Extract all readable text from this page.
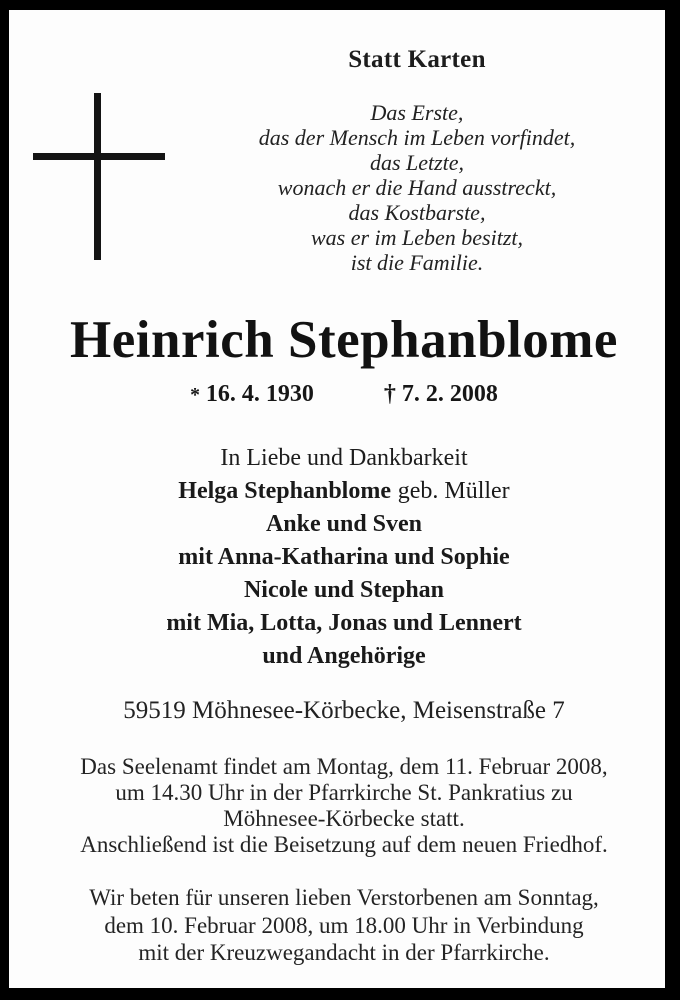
Statt Karten
Das Erste,
das der Mensch im Leben vorfindet,
das Letzte,
wonach er die Hand ausstreckt,
das Kostbarste,
was er im Leben besitzt,
ist die Familie.
Heinrich Stephanblome
* 16. 4. 1930	† 7. 2. 2008
In Liebe und Dankbarkeit
Helga Stephanblome geb. Müller
Anke und Sven
mit Anna-Katharina und Sophie
Nicole und Stephan
mit Mia, Lotta, Jonas und Lennert
und Angehörige
59519 Möhnesee-Körbecke, Meisenstraße 7
Das Seelenamt findet am Montag, dem 11. Februar 2008,
um 14.30 Uhr in der Pfarrkirche St. Pankratius zu
Möhnesee-Körbecke statt.
Anschließend ist die Beisetzung auf dem neuen Friedhof.
Wir beten für unseren lieben Verstorbenen am Sonntag,
dem 10. Februar 2008, um 18.00 Uhr in Verbindung
mit der Kreuzwegandacht in der Pfarrkirche.
